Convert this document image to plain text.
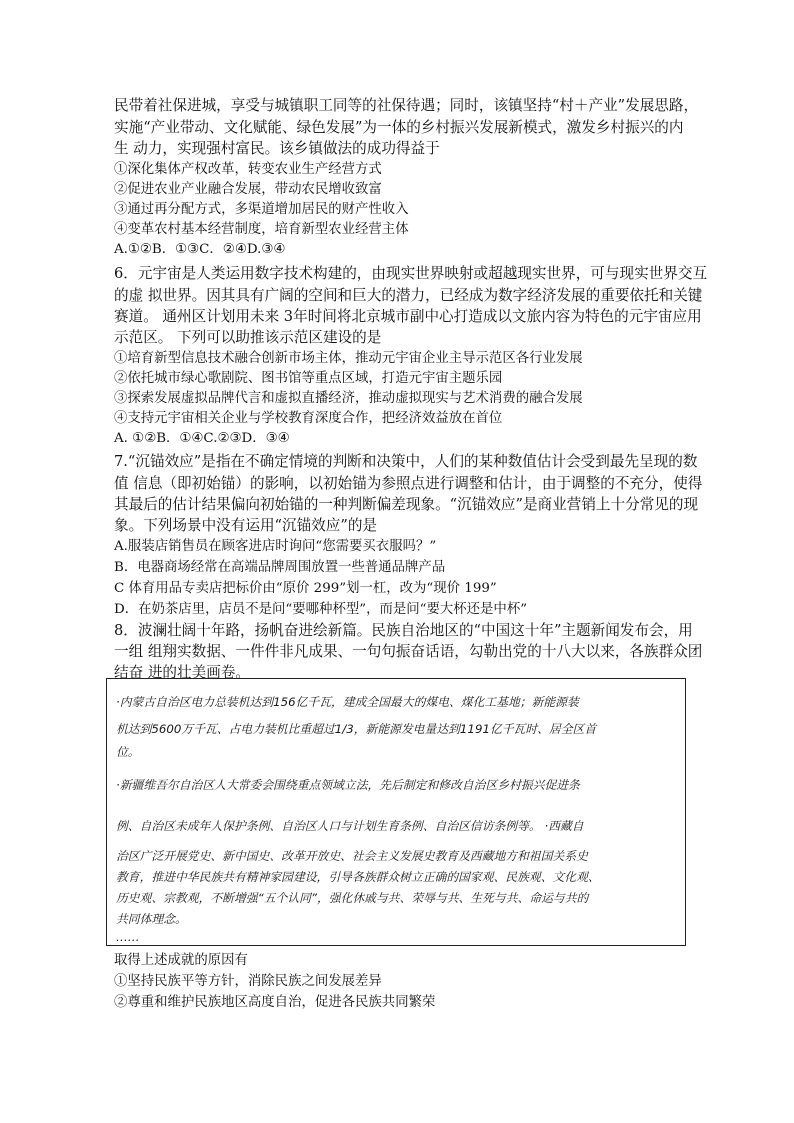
民带着社保进城，享受与城镇职工同等的社保待遇；同时，该镇坚持“村＋产业”发展思路，
实施“产业带动、文化赋能、绿色发展”为一体的乡村振兴发展新模式，激发乡村振兴的内
生 动力，实现强村富民。该乡镇做法的成功得益于
①深化集体产权改革，转变农业生产经营方式
②促进农业产业融合发展，带动农民增收致富
③通过再分配方式，多渠道增加居民的财产性收入
④变革农村基本经营制度，培育新型农业经营主体
A.①②B．①③C．②④D.③④
6．元宇宙是人类运用数字技术构建的，由现实世界映射或超越现实世界，可与现实世界交互
的虚 拟世界。因其具有广阔的空间和巨大的潜力，已经成为数字经济发展的重要依托和关键
赛道。 通州区计划用未来 3年时间将北京城市副中心打造成以文旅内容为特色的元宇宙应用
示范区。 下列可以助推该示范区建设的是
①培育新型信息技术融合创新市场主体，推动元宇宙企业主导示范区各行业发展
②依托城市绿心歌剧院、图书馆等重点区域，打造元宇宙主题乐园
③探索发展虚拟品牌代言和虚拟直播经济，推动虚拟现实与艺术消费的融合发展
④支持元宇宙相关企业与学校教育深度合作，把经济效益放在首位
A. ①②B．①④C.②③D．③④
7.“沉锚效应”是指在不确定情境的判断和决策中，人们的某种数值估计会受到最先呈现的数
值 信息（即初始锚）的影响，以初始锚为参照点进行调整和估计，由于调整的不充分，使得
其最后的估计结果偏向初始锚的一种判断偏差现象。“沉锚效应”是商业营销上十分常见的现
象。下列场景中没有运用“沉锚效应”的是
A.服装店销售员在顾客进店时询问“您需要买衣服吗？”
B．电器商场经常在高端品牌周围放置一些普通品牌产品
C 体育用品专卖店把标价由“原价 299”划一杠，改为“现价 199”
D．在奶茶店里，店员不是问“要哪种杯型”，而是问“要大杯还是中杯”
8．波澜壮阔十年路，扬帆奋进绘新篇。民族自治地区的“中国这十年”主题新闻发布会，用
一组 组翔实数据、一件件非凡成果、一句句振奋话语，勾勒出党的十八大以来，各族群众团
结奋 进的壮美画卷。
·内蒙古自治区电力总装机达到156亿千瓦，建成全国最大的煤电、煤化工基地；新能源装
机达到5600万千瓦、占电力装机比重超过1/3，新能源发电量达到1191亿千瓦时、居全区首
位。
·新疆维吾尔自治区人大常委会围绕重点领域立法，先后制定和修改自治区乡村振兴促进条
例、自治区未成年人保护条例、自治区人口与计划生育条例、自治区信访条例等。 ·西藏自
治区广泛开展党史、新中国史、改革开放史、社会主义发展史教育及西藏地方和祖国关系史
教育，推进中华民族共有精神家园建设，引导各族群众树立正确的国家观、民族观、文化观、
历史观、宗教观，不断增强“五个认同”，强化休戚与共、荣辱与共、生死与共、命运与共的
共同体理念。
……
取得上述成就的原因有
①坚持民族平等方针，消除民族之间发展差异
②尊重和维护民族地区高度自治，促进各民族共同繁荣
